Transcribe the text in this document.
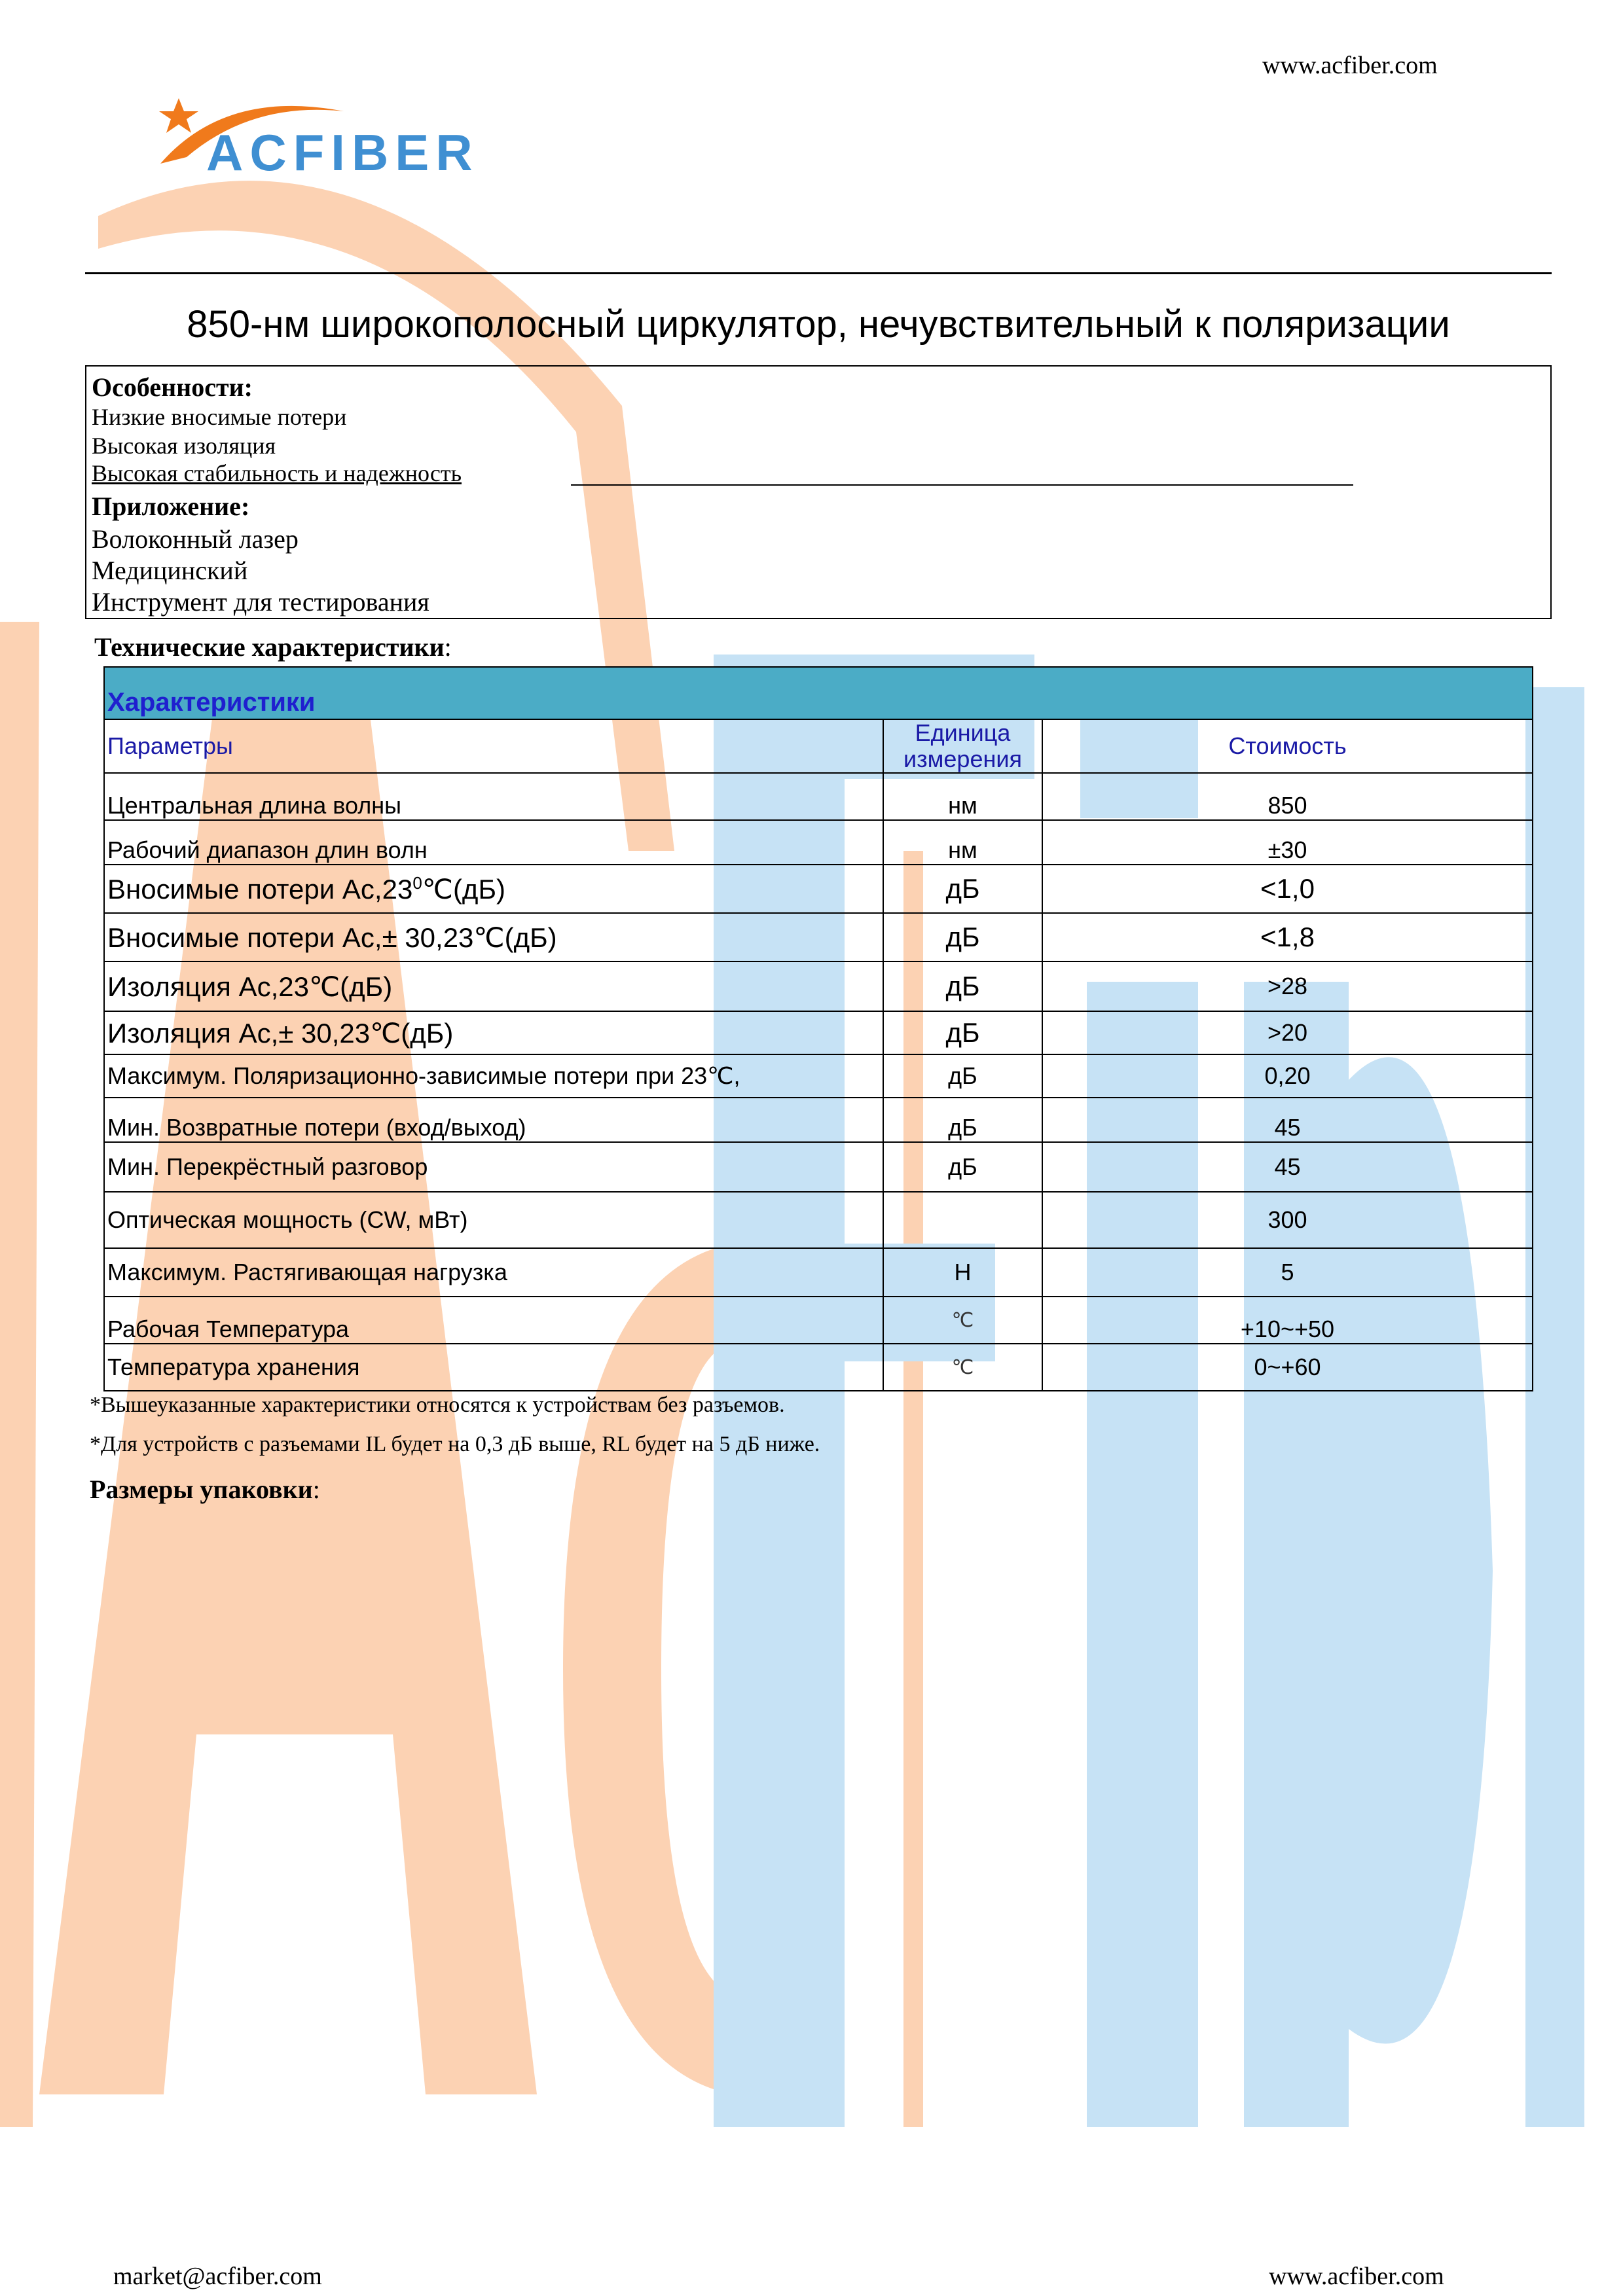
www.acfiber.com
ACFIBER
850-нм широкополосный циркулятор, нечувствительный к поляризации
Особенности:
Низкие вносимые потери
Высокая изоляция
Высокая стабильность и надежность
Приложение:
Волоконный лазер
Медицинский
Инструмент для тестирования
Технические характеристики:
Характеристики		
Параметры	Единица измерения	Стоимость
Центральная длина волны	нм	850
Рабочий диапазон длин волн	нм	±30
Вносимые потери $Ac,23^0℃(дБ)$	дБ	<1,0
Вносимые потери Ac,± 30,23℃(дБ)	дБ	<1,8
Изоляция Ac,23℃(дБ)	дБ	>28
Изоляция Ac,± 30,23℃(дБ)	дБ	>20
Максимум. Поляризационно-зависимые потери при 23℃,	дБ	0,20
Мин. Возвратные потери (вход/выход)	дБ	45
Мин. Перекрёстный разговор	дБ	45
Оптическая мощность (CW, мВт)		300
Максимум. Растягивающая нагрузка	Н	5
Рабочая Температура	℃	+10~+50
Температура хранения	℃	0~+60
*Вышеуказанные характеристики относятся к устройствам без разъемов.
*Для устройств с разъемами IL будет на 0,3 дБ выше, RL будет на 5 дБ ниже.
Размеры упаковки:
market@acfiber.com	www.acfiber.com
